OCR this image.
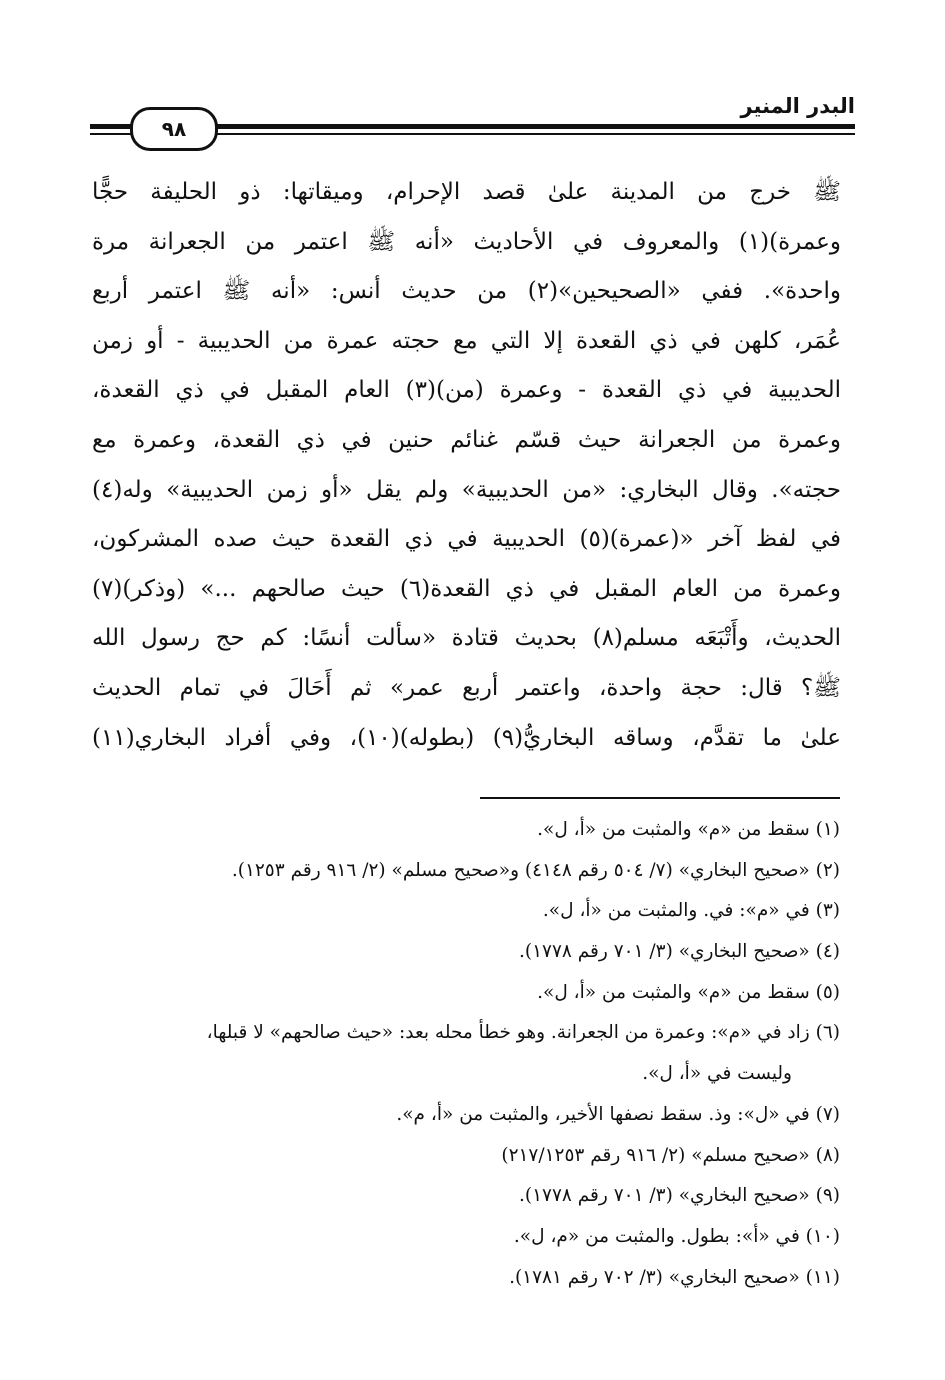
البدر المنير
٩٨
ﷺ خرج من المدينة علىٰ قصد الإحرام، وميقاتها: ذو الحليفة حجًّا
وعمرة)(١) والمعروف في الأحاديث «أنه ﷺ اعتمر من الجعرانة مرة
واحدة». ففي «الصحيحين»(٢) من حديث أنس: «أنه ﷺ اعتمر أربع
عُمَر، كلهن في ذي القعدة إلا التي مع حجته عمرة من الحديبية - أو زمن
الحديبية في ذي القعدة - وعمرة (من)(٣) العام المقبل في ذي القعدة،
وعمرة من الجعرانة حيث قسّم غنائم حنين في ذي القعدة، وعمرة مع
حجته». وقال البخاري: «من الحديبية» ولم يقل «أو زمن الحديبية» وله(٤)
في لفظ آخر «(عمرة)(٥) الحديبية في ذي القعدة حيث صده المشركون،
وعمرة من العام المقبل في ذي القعدة(٦) حيث صالحهم ...» (وذكر)(٧)
الحديث، وأَتْبَعَه مسلم(٨) بحديث قتادة «سألت أنسًا: كم حج رسول الله
ﷺ؟ قال: حجة واحدة، واعتمر أربع عمر» ثم أَحَالَ في تمام الحديث
علىٰ ما تقدَّم، وساقه البخاريُّ(٩) (بطوله)(١٠)، وفي أفراد البخاري(١١)
(١) سقط من «م» والمثبت من «أ، ل».
(٢) «صحيح البخاري» (٧/ ٥٠٤ رقم ٤١٤٨) و«صحيح مسلم» (٢/ ٩١٦ رقم ١٢٥٣).
(٣) في «م»: في. والمثبت من «أ، ل».
(٤) «صحيح البخاري» (٣/ ٧٠١ رقم ١٧٧٨).
(٥) سقط من «م» والمثبت من «أ، ل».
(٦) زاد في «م»: وعمرة من الجعرانة. وهو خطأ محله بعد: «حيث صالحهم» لا قبلها،
وليست في «أ، ل».
(٧) في «ل»: وذ. سقط نصفها الأخير، والمثبت من «أ، م».
(٨) «صحيح مسلم» (٢/ ٩١٦ رقم ٢١٧/١٢٥٣)
(٩) «صحيح البخاري» (٣/ ٧٠١ رقم ١٧٧٨).
(١٠) في «أ»: بطول. والمثبت من «م، ل».
(١١) «صحيح البخاري» (٣/ ٧٠٢ رقم ١٧٨١).
